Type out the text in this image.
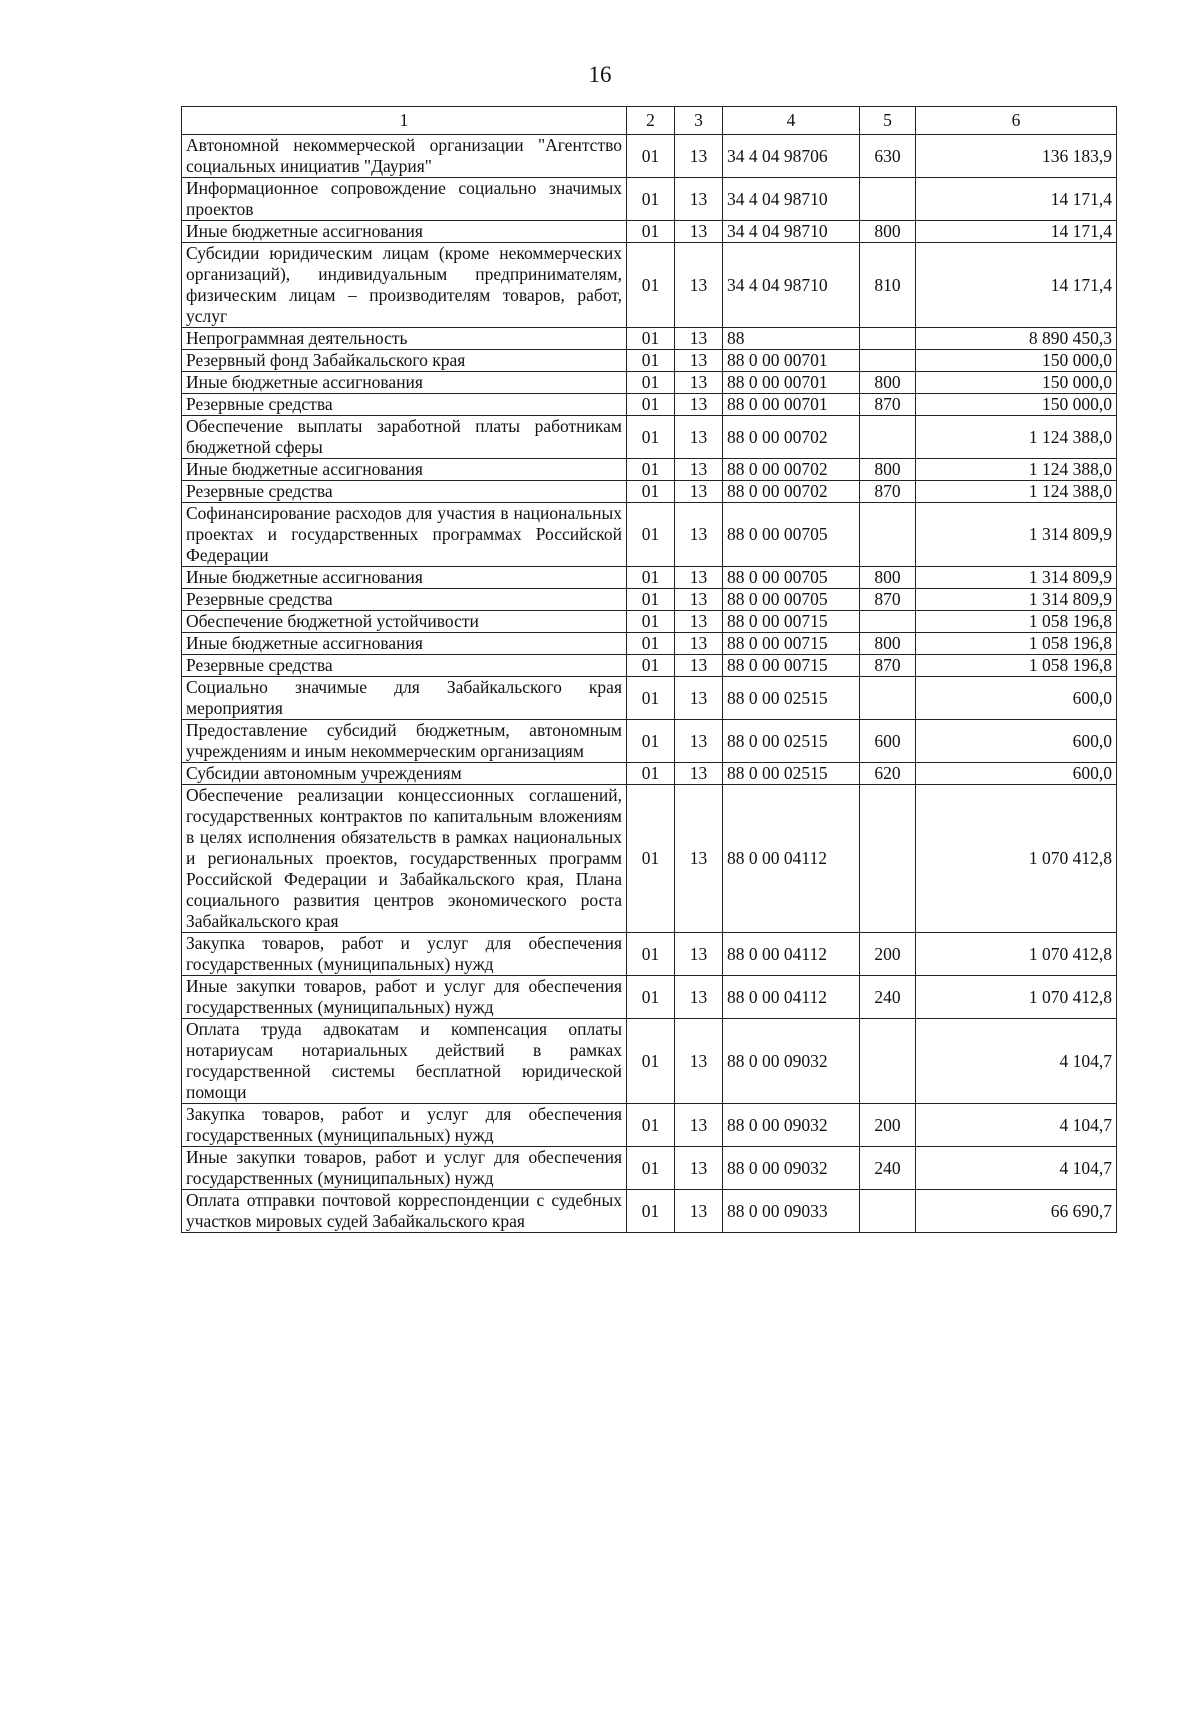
16
1	2	3	4	5	6
Автономной некоммерческой организации "Агентство социальных инициатив "Даурия"	01	13	34 4 04 98706	630	136 183,9
Информационное сопровождение социально значимых проектов	01	13	34 4 04 98710		14 171,4
Иные бюджетные ассигнования	01	13	34 4 04 98710	800	14 171,4
Субсидии юридическим лицам (кроме некоммерческих организаций), индивидуальным предпринимателям, физическим лицам – производителям товаров, работ, услуг	01	13	34 4 04 98710	810	14 171,4
Непрограммная деятельность	01	13	88		8 890 450,3
Резервный фонд Забайкальского края	01	13	88 0 00 00701		150 000,0
Иные бюджетные ассигнования	01	13	88 0 00 00701	800	150 000,0
Резервные средства	01	13	88 0 00 00701	870	150 000,0
Обеспечение выплаты заработной платы работникам бюджетной сферы	01	13	88 0 00 00702		1 124 388,0
Иные бюджетные ассигнования	01	13	88 0 00 00702	800	1 124 388,0
Резервные средства	01	13	88 0 00 00702	870	1 124 388,0
Софинансирование расходов для участия в национальных проектах и государственных программах Российской Федерации	01	13	88 0 00 00705		1 314 809,9
Иные бюджетные ассигнования	01	13	88 0 00 00705	800	1 314 809,9
Резервные средства	01	13	88 0 00 00705	870	1 314 809,9
Обеспечение бюджетной устойчивости	01	13	88 0 00 00715		1 058 196,8
Иные бюджетные ассигнования	01	13	88 0 00 00715	800	1 058 196,8
Резервные средства	01	13	88 0 00 00715	870	1 058 196,8
Социально значимые для Забайкальского края мероприятия	01	13	88 0 00 02515		600,0
Предоставление субсидий бюджетным, автономным учреждениям и иным некоммерческим организациям	01	13	88 0 00 02515	600	600,0
Субсидии автономным учреждениям	01	13	88 0 00 02515	620	600,0
Обеспечение реализации концессионных соглашений, государственных контрактов по капитальным вложениям в целях исполнения обязательств в рамках национальных и региональных проектов, государственных программ Российской Федерации и Забайкальского края, Плана социального развития центров экономического роста Забайкальского края	01	13	88 0 00 04112		1 070 412,8
Закупка товаров, работ и услуг для обеспечения государственных (муниципальных) нужд	01	13	88 0 00 04112	200	1 070 412,8
Иные закупки товаров, работ и услуг для обеспечения государственных (муниципальных) нужд	01	13	88 0 00 04112	240	1 070 412,8
Оплата труда адвокатам и компенсация оплаты нотариусам нотариальных действий в рамках государственной системы бесплатной юридической помощи	01	13	88 0 00 09032		4 104,7
Закупка товаров, работ и услуг для обеспечения государственных (муниципальных) нужд	01	13	88 0 00 09032	200	4 104,7
Иные закупки товаров, работ и услуг для обеспечения государственных (муниципальных) нужд	01	13	88 0 00 09032	240	4 104,7
Оплата отправки почтовой корреспонденции с судебных участков мировых судей Забайкальского края	01	13	88 0 00 09033		66 690,7
